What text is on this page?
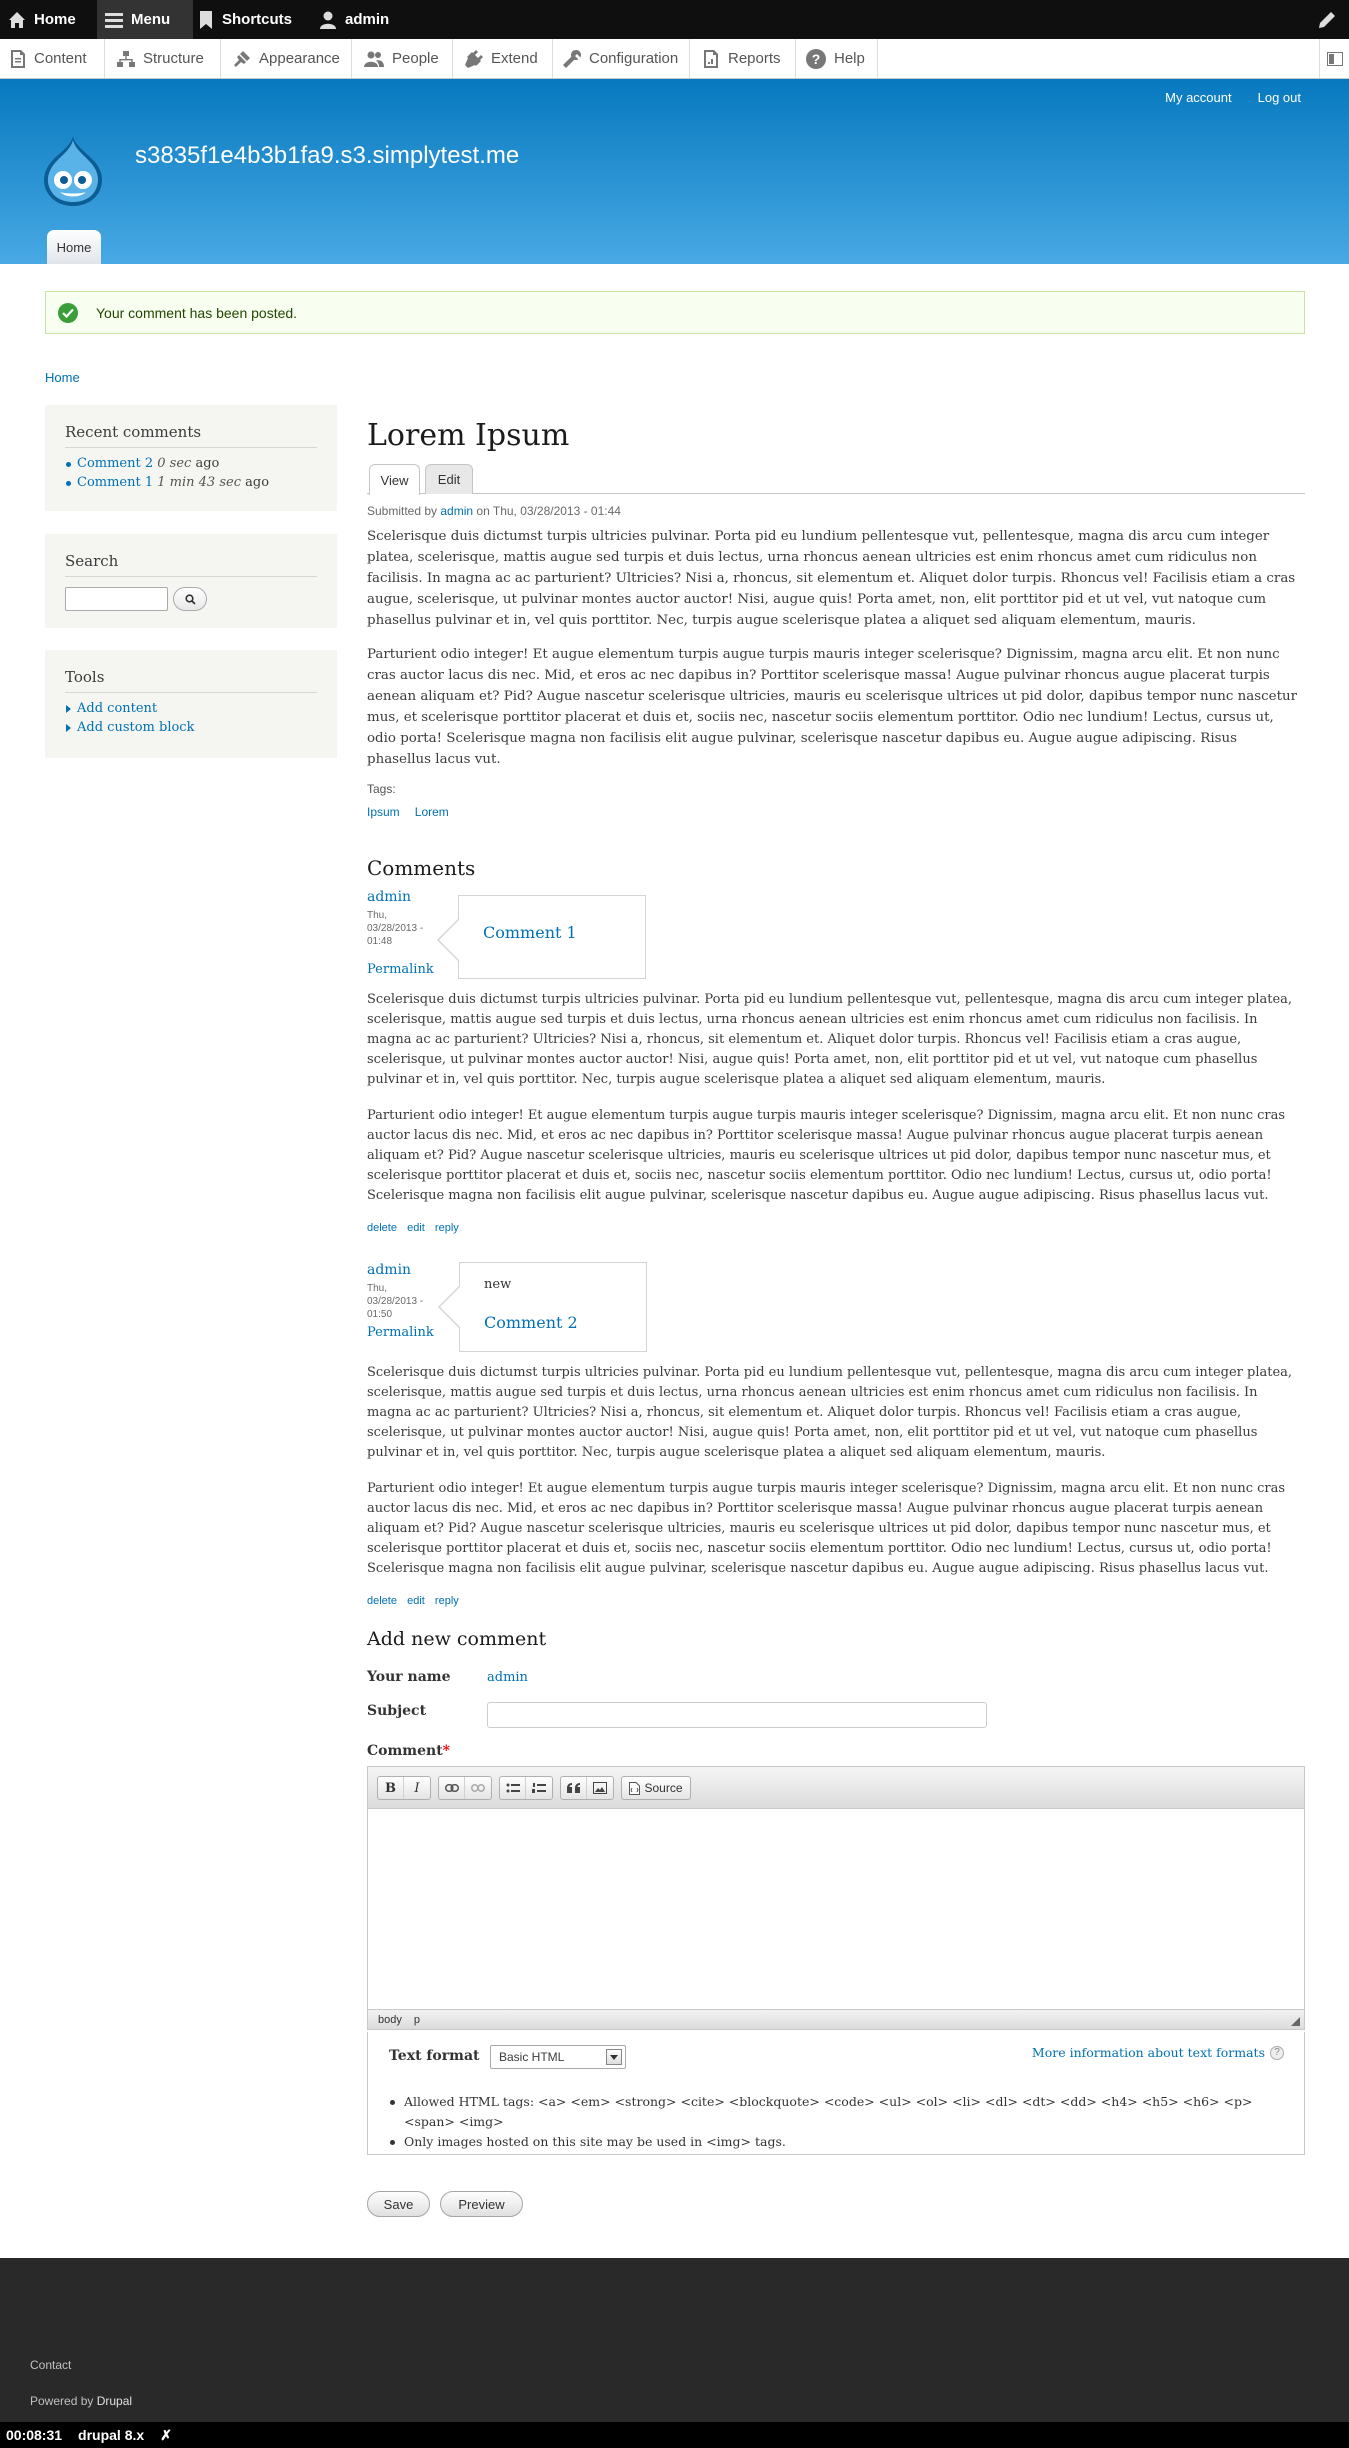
Home	Menu	Shortcuts	admin
Content	Structure	Appearance	People	Extend	Configuration	Reports ? Help
My account Log out
s3835f1e4b3b1fa9.s3.simplytest.me
Home
Your comment has been posted.
Home
Recent comments
Comment 2 0 sec ago
Comment 1 1 min 43 sec ago
Search
Tools
Add content
Add custom block
Lorem Ipsum
View	Edit
Submitted by admin on Thu, 03/28/2013 - 01:44

Scelerisque duis dictumst turpis ultricies pulvinar. Porta pid eu lundium pellentesque vut, pellentesque, magna dis arcu cum integer platea, scelerisque, mattis augue sed turpis et duis lectus, urna rhoncus aenean ultricies est enim rhoncus amet cum ridiculus non facilisis. In magna ac ac parturient? Ultricies? Nisi a, rhoncus, sit elementum et. Aliquet dolor turpis. Rhoncus vel! Facilisis etiam a cras augue, scelerisque, ut pulvinar montes auctor auctor! Nisi, augue quis! Porta amet, non, elit porttitor pid et ut vel, vut natoque cum phasellus pulvinar et in, vel quis porttitor. Nec, turpis augue scelerisque platea a aliquet sed aliquam elementum, mauris.

Parturient odio integer! Et augue elementum turpis augue turpis mauris integer scelerisque? Dignissim, magna arcu elit. Et non nunc cras auctor lacus dis nec. Mid, et eros ac nec dapibus in? Porttitor scelerisque massa! Augue pulvinar rhoncus augue placerat turpis aenean aliquam et? Pid? Augue nascetur scelerisque ultricies, mauris eu scelerisque ultrices ut pid dolor, dapibus tempor nunc nascetur mus, et scelerisque porttitor placerat et duis et, sociis nec, nascetur sociis elementum porttitor. Odio nec lundium! Lectus, cursus ut, odio porta! Scelerisque magna non facilisis elit augue pulvinar, scelerisque nascetur dapibus eu. Augue augue adipiscing. Risus phasellus lacus vut.

Tags:
Ipsum Lorem
Comments
admin
Thu,
03/28/2013 -
01:48
Permalink
Comment 1

Scelerisque duis dictumst turpis ultricies pulvinar. Porta pid eu lundium pellentesque vut, pellentesque, magna dis arcu cum integer platea, scelerisque, mattis augue sed turpis et duis lectus, urna rhoncus aenean ultricies est enim rhoncus amet cum ridiculus non facilisis. In magna ac ac parturient? Ultricies? Nisi a, rhoncus, sit elementum et. Aliquet dolor turpis. Rhoncus vel! Facilisis etiam a cras augue, scelerisque, ut pulvinar montes auctor auctor! Nisi, augue quis! Porta amet, non, elit porttitor pid et ut vel, vut natoque cum phasellus pulvinar et in, vel quis porttitor. Nec, turpis augue scelerisque platea a aliquet sed aliquam elementum, mauris.

Parturient odio integer! Et augue elementum turpis augue turpis mauris integer scelerisque? Dignissim, magna arcu elit. Et non nunc cras auctor lacus dis nec. Mid, et eros ac nec dapibus in? Porttitor scelerisque massa! Augue pulvinar rhoncus augue placerat turpis aenean aliquam et? Pid? Augue nascetur scelerisque ultricies, mauris eu scelerisque ultrices ut pid dolor, dapibus tempor nunc nascetur mus, et scelerisque porttitor placerat et duis et, sociis nec, nascetur sociis elementum porttitor. Odio nec lundium! Lectus, cursus ut, odio porta! Scelerisque magna non facilisis elit augue pulvinar, scelerisque nascetur dapibus eu. Augue augue adipiscing. Risus phasellus lacus vut.

delete edit reply
admin
Thu,
03/28/2013 -
01:50
Permalink
new
Comment 2

Scelerisque duis dictumst turpis ultricies pulvinar. Porta pid eu lundium pellentesque vut, pellentesque, magna dis arcu cum integer platea, scelerisque, mattis augue sed turpis et duis lectus, urna rhoncus aenean ultricies est enim rhoncus amet cum ridiculus non facilisis. In magna ac ac parturient? Ultricies? Nisi a, rhoncus, sit elementum et. Aliquet dolor turpis. Rhoncus vel! Facilisis etiam a cras augue, scelerisque, ut pulvinar montes auctor auctor! Nisi, augue quis! Porta amet, non, elit porttitor pid et ut vel, vut natoque cum phasellus pulvinar et in, vel quis porttitor. Nec, turpis augue scelerisque platea a aliquet sed aliquam elementum, mauris.

Parturient odio integer! Et augue elementum turpis augue turpis mauris integer scelerisque? Dignissim, magna arcu elit. Et non nunc cras auctor lacus dis nec. Mid, et eros ac nec dapibus in? Porttitor scelerisque massa! Augue pulvinar rhoncus augue placerat turpis aenean aliquam et? Pid? Augue nascetur scelerisque ultricies, mauris eu scelerisque ultrices ut pid dolor, dapibus tempor nunc nascetur mus, et scelerisque porttitor placerat et duis et, sociis nec, nascetur sociis elementum porttitor. Odio nec lundium! Lectus, cursus ut, odio porta! Scelerisque magna non facilisis elit augue pulvinar, scelerisque nascetur dapibus eu. Augue augue adipiscing. Risus phasellus lacus vut.

delete edit reply
Add new comment
Your name	admin
Subject
Comment*
B	I	Source
body p
Text format Basic HTML	More information about text formats ?
Allowed HTML tags: <a> <em> <strong> <cite> <blockquote> <code> <ul> <ol> <li> <dl> <dt> <dd> <h4> <h5> <h6> <p> <span> <img>
Only images hosted on this site may be used in <img> tags.
Save	Preview
Contact
Powered by Drupal
00:08:31 drupal 8.x ✗
